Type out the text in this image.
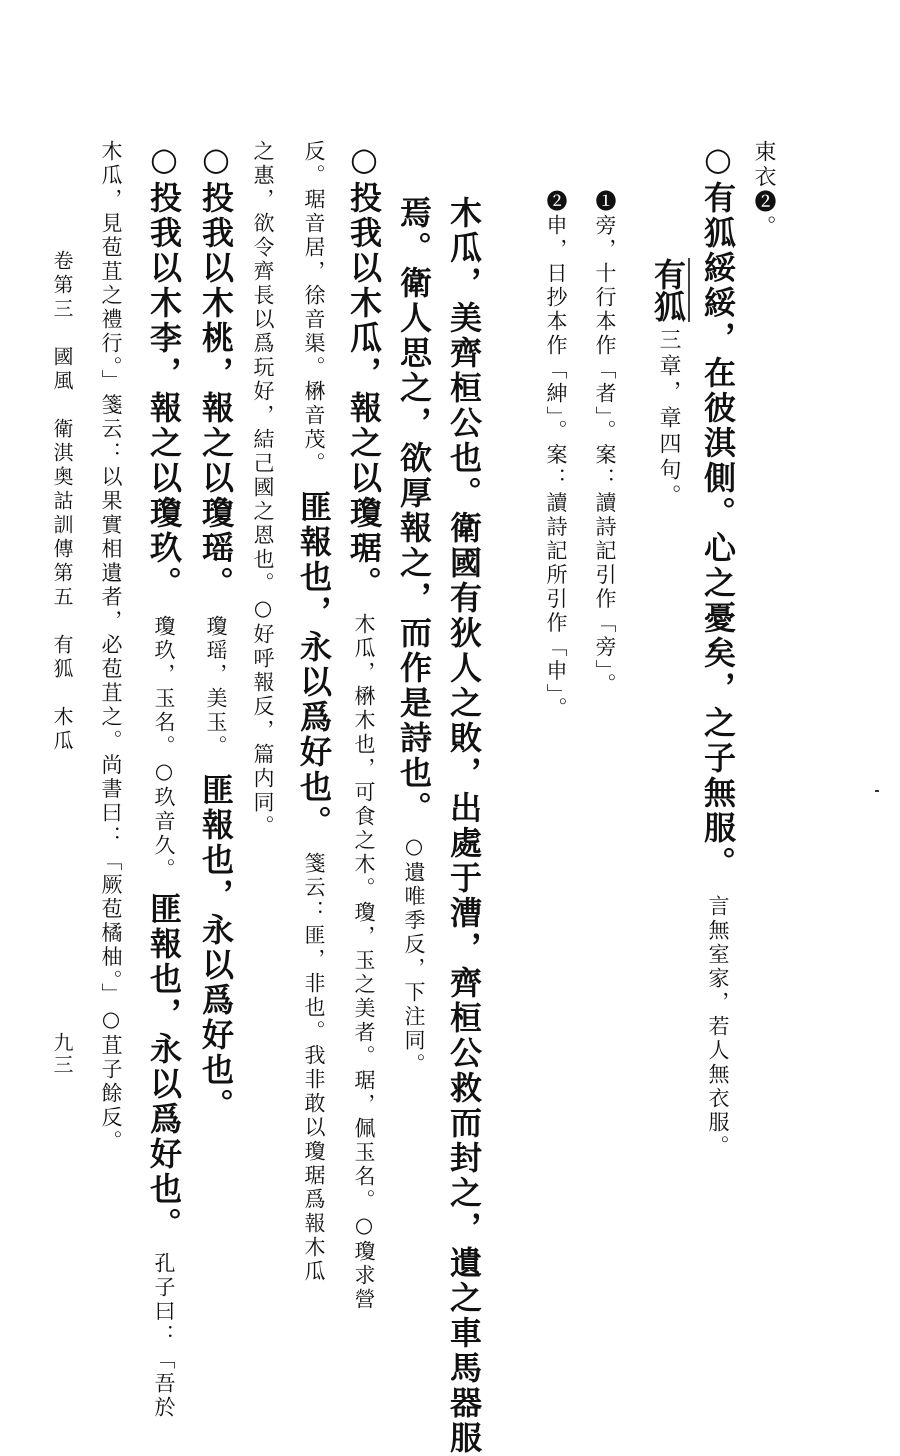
束衣❷。
○有狐綏綏，在彼淇側。心之憂矣，之子無服。言無室家，若人無衣服。
❶旁，十行本作「者」。案：讀詩記引作「旁」。
❷申，日抄本作「紳」。案：讀詩記所引作「申」。	有狐三章，章四句。
木瓜，美齊桓公也。衛國有狄人之敗，出處于漕，齊桓公救而封之，遺之車馬器服
焉。衛人思之，欲厚報之，而作是詩也。○遺唯季反，下注同。
○投我以木瓜，報之以瓊琚。木瓜，楙木也，可食之木。瓊，玉之美者。琚，佩玉名。○瓊求營
反。琚音居，徐音渠。楙音茂。匪報也，永以爲好也。箋云：匪，非也。我非敢以瓊琚爲報木瓜
之惠，欲令齊長以爲玩好，結己國之恩也。○好呼報反，篇内同。
○投我以木桃，報之以瓊瑶。瓊瑶，美玉。匪報也，永以爲好也。
○投我以木李，報之以瓊玖。瓊玖，玉名。○玖音久。匪報也，永以爲好也。孔子曰：「吾於
木瓜，見苞苴之禮行。」箋云：以果實相遺者，必苞苴之。尚書曰：「厥苞橘柚。」○苴子餘反。
卷第三　國風　衛淇奥詁訓傳第五　有狐　木瓜
九三
